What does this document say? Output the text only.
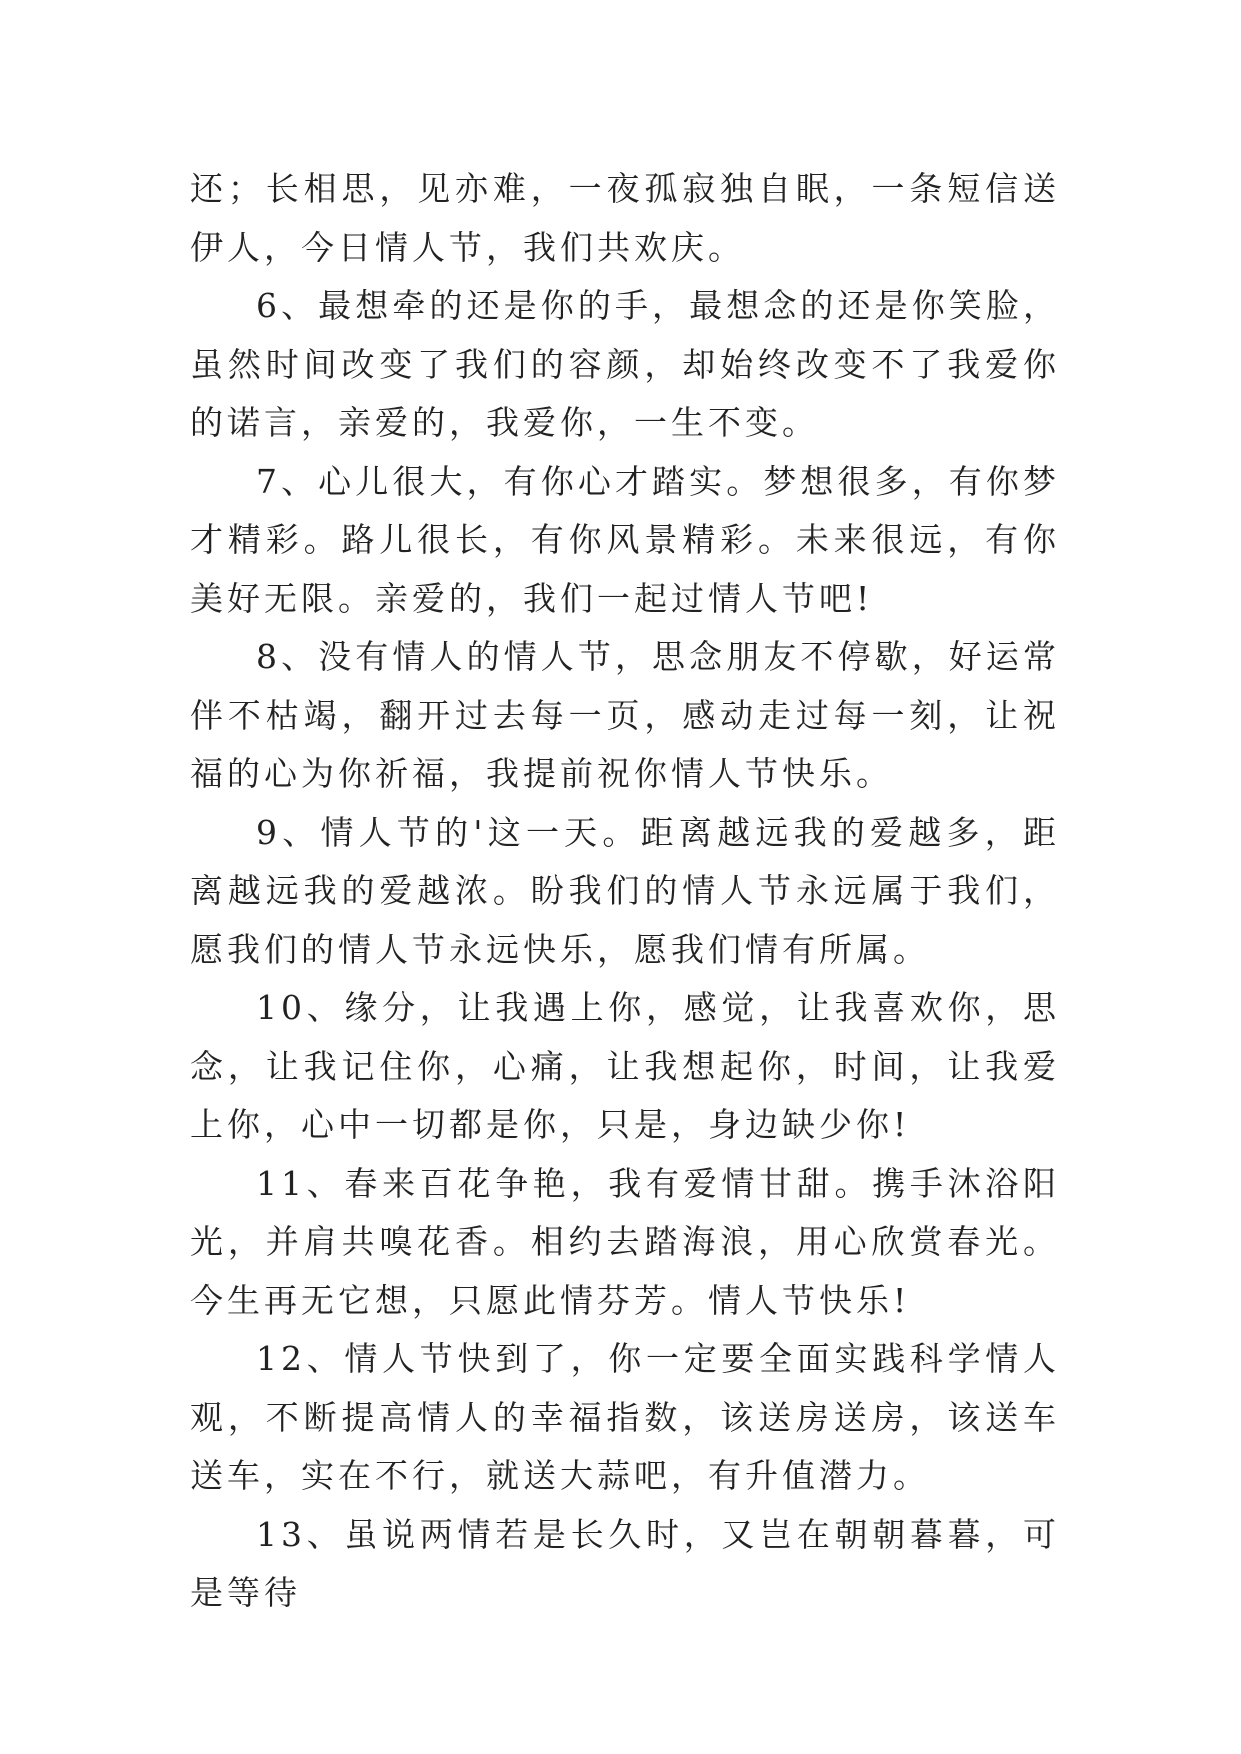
还；长相思，见亦难，一夜孤寂独自眠，一条短信送伊人，今日情人节，我们共欢庆。

6、最想牵的还是你的手，最想念的还是你笑脸，虽然时间改变了我们的容颜，却始终改变不了我爱你的诺言，亲爱的，我爱你，一生不变。

7、心儿很大，有你心才踏实。梦想很多，有你梦才精彩。路儿很长，有你风景精彩。未来很远，有你美好无限。亲爱的，我们一起过情人节吧!

8、没有情人的情人节，思念朋友不停歇，好运常伴不枯竭，翻开过去每一页，感动走过每一刻，让祝福的心为你祈福，我提前祝你情人节快乐。

9、情人节的'这一天。距离越远我的爱越多，距离越远我的爱越浓。盼我们的情人节永远属于我们，愿我们的情人节永远快乐，愿我们情有所属。

10、缘分，让我遇上你，感觉，让我喜欢你，思念，让我记住你，心痛，让我想起你，时间，让我爱上你，心中一切都是你，只是，身边缺少你!

11、春来百花争艳，我有爱情甘甜。携手沐浴阳光，并肩共嗅花香。相约去踏海浪，用心欣赏春光。今生再无它想，只愿此情芬芳。情人节快乐!

12、情人节快到了，你一定要全面实践科学情人观，不断提高情人的幸福指数，该送房送房，该送车送车，实在不行，就送大蒜吧，有升值潜力。

13、虽说两情若是长久时，又岂在朝朝暮暮，可是等待
